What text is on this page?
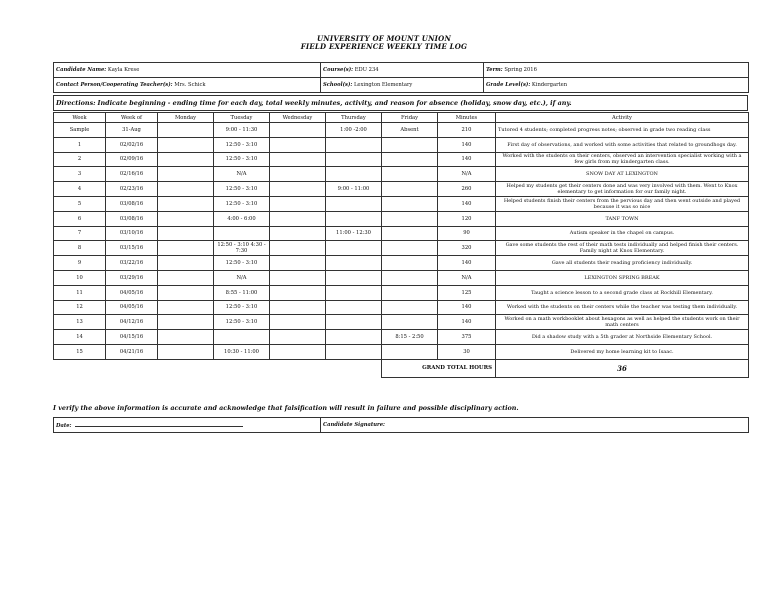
UNIVERSITY OF MOUNT UNION
FIELD EXPERIENCE WEEKLY TIME LOG
Candidate Name: Kayla Krese	Course(s): EDU 234	Term: Spring 2016
Contact Person/Cooperating Teacher(s): Mrs. Schick	School(s): Lexington Elementary	Grade Level(s): Kindergarten
Directions: Indicate beginning - ending time for each day, total weekly minutes, activity, and reason for absence (holiday, snow day, etc.), if any.
Week	Week of	Monday	Tuesday	Wednesday	Thursday	Friday	Minutes	Activity	
Sample	31-Aug		9:00 - 11:30		1:00 -2:00	Absent	210	Tutored 4 students; completed progress notes; observed in grade two reading class	
1	02/02/16		12:50 - 3:10				140	First day of observations, and worked with some activities that related to groundhogs day.	
2	02/09/16		12:50 - 3:10				140	Worked with the students on their centers, observed an intervention specialist working with a few girls from my kindergarten class.	
3	02/16/16		N/A				N/A	SNOW DAY AT LEXINGTON	
4	02/23/16		12:50 - 3:10		9:00 - 11:00		260	Helped my students get their centers done and was very involved with them. Went to Knox elementary to get information for our family night.	
5	03/08/16		12:50 - 3:10				140	Helped students finish their centers from the pervious day and then went outside and played because it was so nice	
6	03/08/16		4:00 - 6:00				120	TANF TOWN	
7	03/10/16				11:00 - 12:30		90	Autism speaker in the chapel on campus.	
8	03/15/16		12:50 - 3:10 4:30 - 7:30				320	Gave some students the rest of their math tests individually and helped finish their centers. Family night at Knox Elementary.	
9	03/22/16		12:50 - 3:10				140	Gave all students their reading proficiency individually.	
10	03/29/16		N/A				N/A	LEXINGTON SPRING BREAK	
11	04/05/16		8:55 - 11:00				125	Taught a science lesson to a second grade class at Rockhill Elementary.	
12	04/05/16		12:50 - 3:10				140	Worked with the students on their centers while the teacher was testing them individually.	
13	04/12/16		12:50 - 3:10				140	Worked on a math workbooklet about hexagons as well as helped the students work on their math centers	
14	04/15/16					8:15 - 2:50	375	Did a shadow study with a 5th grader at Northside Elementary School.	
15	04/21/16		10:30 - 11:00				30	Delivered my home learning kit to Isaac.	
						GRAND TOTAL HOURS		36	
I verify the above information is accurate and acknowledge that falsification will result in failure and possible disciplinary action.
Date:	Candidate Signature:
